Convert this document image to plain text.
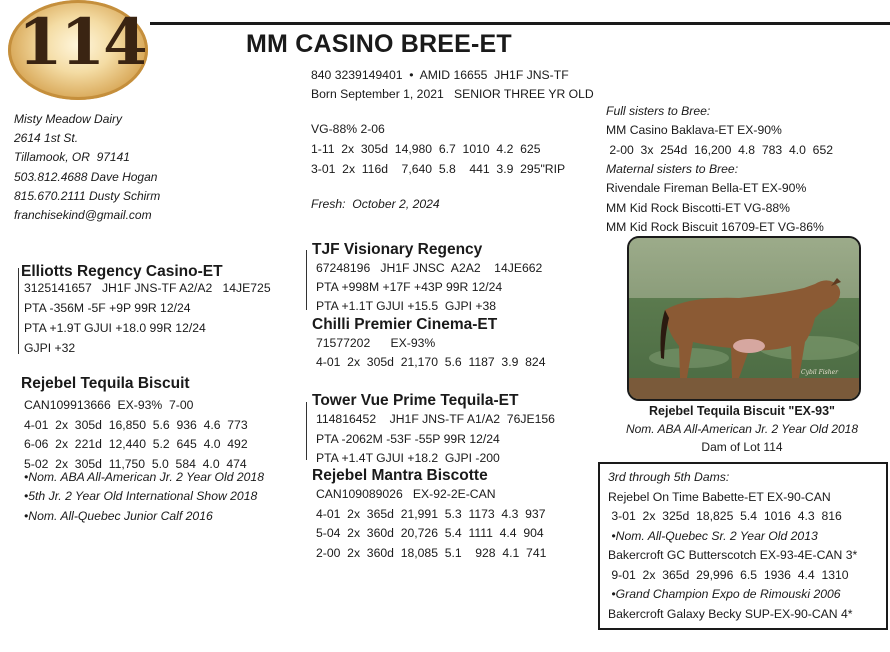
114	MM CASINO BREE-ET
840 3239149401  •  AMID 16655  JH1F JNS-TF
Born September 1, 2021   SENIOR THREE YR OLD
Misty Meadow Dairy
2614 1st St.
Tillamook, OR  97141
503.812.4688 Dave Hogan
815.670.2111 Dusty Schirm
franchisekind@gmail.com
VG-88% 2-06
1-11  2x  305d  14,980  6.7  1010  4.2  625
3-01  2x  116d    7,640  5.8    441  3.9  295"RIP
Fresh:  October 2, 2024
Elliotts Regency Casino-ET
3125141657   JH1F JNS-TF A2/A2   14JE725
PTA -356M -5F +9P 99R 12/24
PTA +1.9T GJUI +18.0 99R 12/24
GJPI +32
TJF Visionary Regency
67248196   JH1F JNSC  A2A2    14JE662
PTA +998M +17F +43P 99R 12/24
PTA +1.1T GJUI +15.5  GJPI +38
Chilli Premier Cinema-ET
71577202      EX-93%
4-01  2x  305d  21,170  5.6  1187  3.9  824
Rejebel Tequila Biscuit
CAN109913666  EX-93%  7-00
4-01  2x  305d  16,850  5.6  936  4.6  773
6-06  2x  221d  12,440  5.2  645  4.0  492
5-02  2x  305d  11,750  5.0  584  4.0  474
•Nom. ABA All-American Jr. 2 Year Old 2018
•5th Jr. 2 Year Old International Show 2018
•Nom. All-Quebec Junior Calf 2016
Tower Vue Prime Tequila-ET
114816452    JH1F JNS-TF A1/A2  76JE156
PTA -2062M -53F -55P 99R 12/24
PTA +1.4T GJUI +18.2  GJPI -200
Rejebel Mantra Biscotte
CAN109089026   EX-92-2E-CAN
4-01  2x  365d  21,991  5.3  1173  4.3  937
5-04  2x  360d  20,726  5.4  1111  4.4  904
2-00  2x  360d  18,085  5.1    928  4.1  741
Full sisters to Bree:
MM Casino Baklava-ET EX-90%
2-00  3x  254d  16,200  4.8  783  4.0  652
Maternal sisters to Bree:
Rivendale Fireman Bella-ET EX-90%
MM Kid Rock Biscotti-ET VG-88%
MM Kid Rock Biscuit 16709-ET VG-86%
Cybil Fisher
Rejebel Tequila Biscuit "EX-93"
Nom. ABA All-American Jr. 2 Year Old 2018
Dam of Lot 114
3rd through 5th Dams:
Rejebel On Time Babette-ET EX-90-CAN
3-01  2x  325d  18,825  5.4  1016  4.3  816
•Nom. All-Quebec Sr. 2 Year Old 2013
Bakercroft GC Butterscotch EX-93-4E-CAN 3*
9-01  2x  365d  29,996  6.5  1936  4.4  1310
•Grand Champion Expo de Rimouski 2006
Bakercroft Galaxy Becky SUP-EX-90-CAN 4*
